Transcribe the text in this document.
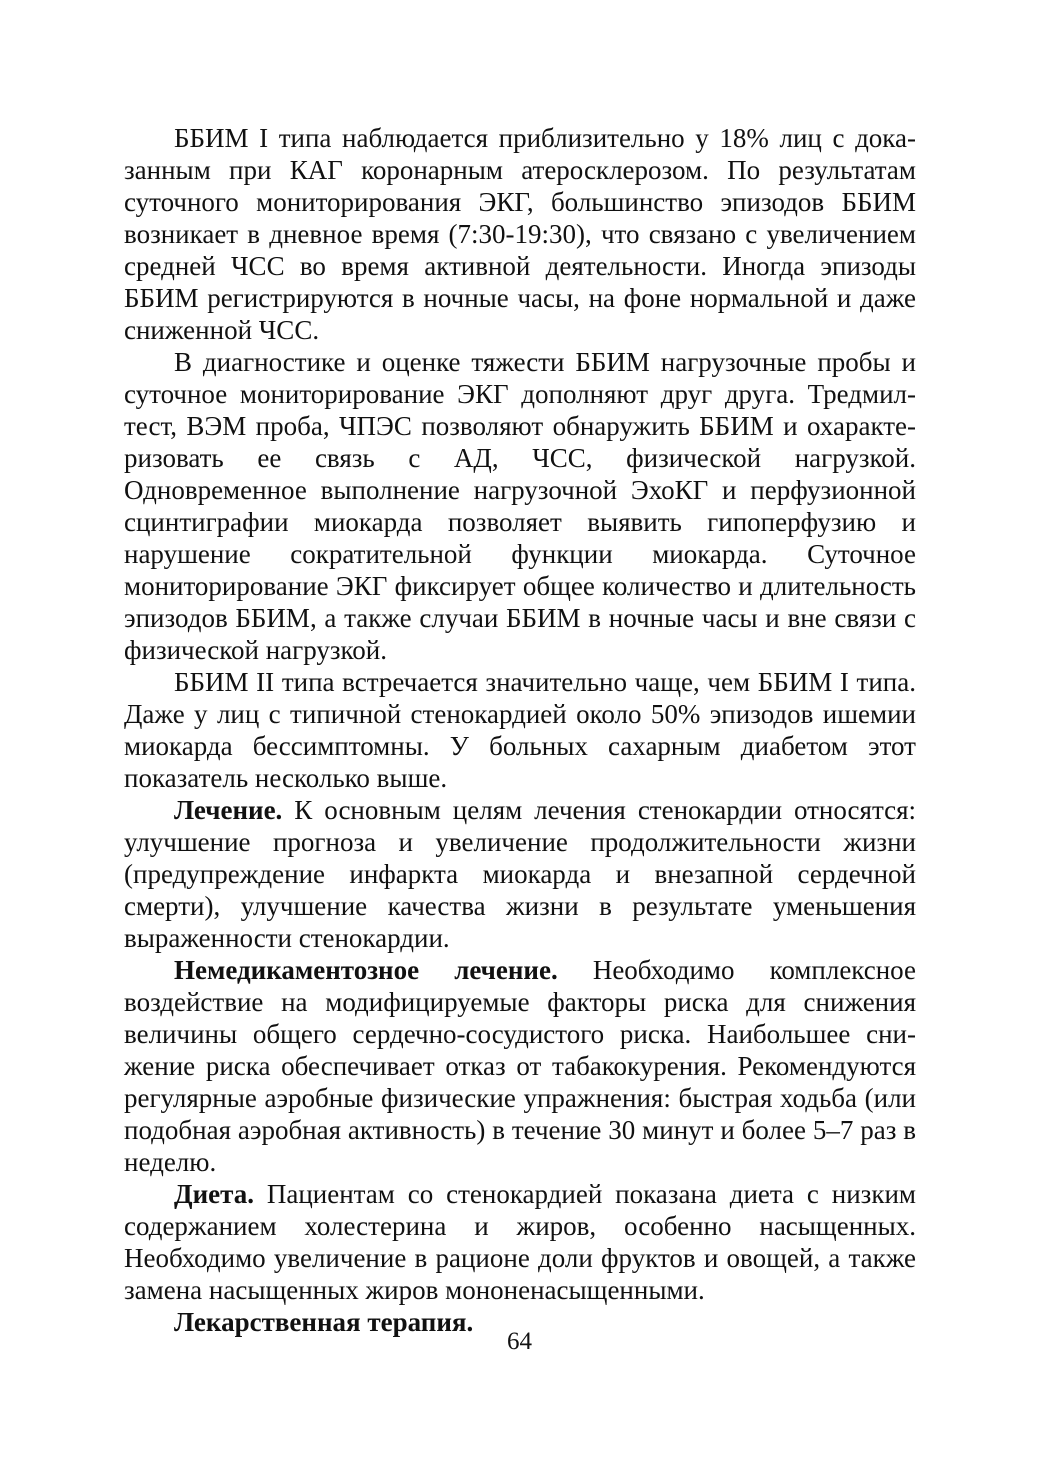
ББИМ I типа наблюдается приблизительно у 18% лиц с доказанным при КАГ коронарным атеросклерозом. По результатам суточного мониторирования ЭКГ, большинство эпизодов ББИМ возникает в дневное время (7:30-19:30), что связано с увеличением средней ЧСС во время активной деятельности. Иногда эпизоды ББИМ регистрируются в ночные часы, на фоне нормальной и даже сниженной ЧСС.

В диагностике и оценке тяжести ББИМ нагрузочные пробы и суточное мониторирование ЭКГ дополняют друг друга. Тредмилтест, ВЭМ проба, ЧПЭС позволяют обнаружить ББИМ и охарактеризовать ее связь с АД, ЧСС, физической нагрузкой. Одновременное выполнение нагрузочной ЭхоКГ и перфузионной сцинтиграфии миокарда позволяет выявить гипоперфузию и нарушение сократительной функции миокарда. Суточное мониторирование ЭКГ фиксирует общее количество и длительность эпизодов ББИМ, а также случаи ББИМ в ночные часы и вне связи с физической нагрузкой.

ББИМ II типа встречается значительно чаще, чем ББИМ I типа. Даже у лиц с типичной стенокардией около 50% эпизодов ишемии миокарда бессимптомны. У больных сахарным диабетом этот показатель несколько выше.

Лечение. К основным целям лечения стенокардии относятся: улучшение прогноза и увеличение продолжительности жизни (предупреждение инфаркта миокарда и внезапной сердечной смерти), улучшение качества жизни в результате уменьшения выраженности стенокардии.

Немедикаментозное лечение. Необходимо комплексное воздействие на модифицируемые факторы риска для снижения величины общего сердечно-сосудистого риска. Наибольшее снижение риска обеспечивает отказ от табакокурения. Рекомендуются регулярные аэробные физические упражнения: быстрая ходьба (или подобная аэробная активность) в течение 30 минут и более 5–7 раз в неделю.

Диета. Пациентам со стенокардией показана диета с низким содержанием холестерина и жиров, особенно насыщенных. Необходимо увеличение в рационе доли фруктов и овощей, а также замена насыщенных жиров мононенасыщенными.

Лекарственная терапия.

64
